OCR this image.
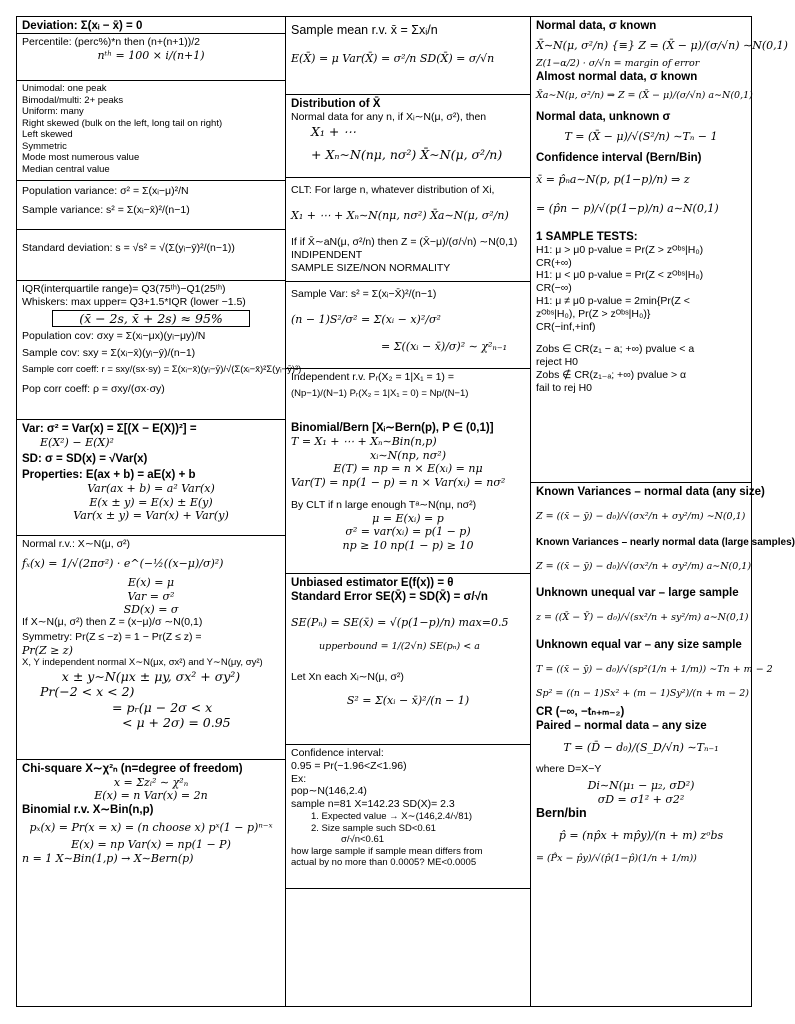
Deviation: Σ(xᵢ − x̄) = 0
Percentile: (perc%)*n then (n+(n+1))/2
nᵗʰ = 100 × i/(n+1)
Unimodal: one peak
Bimodal/multi: 2+ peaks
Uniform: many
Right skewed (bulk on the left, long tail on right)
Left skewed
Symmetric
Mode most numerous value
Median central value
Population variance: σ² = Σ(xᵢ−μ)²/N
Sample variance: s² = Σ(xᵢ−x̄)²/(n−1)
Standard deviation: s = √s² = √(Σ(yᵢ−ȳ)²/(n−1))
IQR(interquartile range)= Q3(75ᵗʰ)−Q1(25ᵗʰ)
Whiskers: max upper= Q3+1.5*IQR (lower −1.5)
(x̄ − 2s, x̄ + 2s) ≈ 95%
Population cov: σxy = Σ(xᵢ−μx)(yᵢ−μy)/N
Sample cov: sxy = Σ(xᵢ−x̄)(yᵢ−ȳ)/(n−1)
Sample corr coeff: r = sxy/(sx·sy) = Σ(xᵢ−x̄)(yᵢ−ȳ)/√(Σ(xᵢ−x̄)²Σ(yᵢ−ȳ)²)
Pop corr coeff: ρ = σxy/(σx·σy)
Var: σ² = Var(x) = Σ[(X − E(X))²] =
E(X²) − E(X)²
SD: σ = SD(x) = √Var(x)
Properties: E(ax + b) = aE(x) + b
Var(ax + b) = a² Var(x)
E(x ± y) = E(x) ± E(y)
Var(x ± y) = Var(x) + Var(y)
Normal r.v.: X∼N(μ, σ²)
fₓ(x) = 1/√(2πσ²) · e^(−½((x−μ)/σ)²)
E(x) = μ
Var = σ²
SD(x) = σ
If X∼N(μ, σ²) then Z = (x−μ)/σ ∼N(0,1)
Symmetry: Pr(Z ≤ −z) = 1 − Pr(Z ≤ z) =
Pr(Z ≥ z)
X, Y independent normal X∼N(μx, σx²) and Y∼N(μy, σy²)
x ± y∼N(μx ± μy, σx² + σy²)
Pr(−2 < x < 2)
= pᵣ(μ − 2σ < x
< μ + 2σ) = 0.95
Chi-square X∼χ²ₙ (n=degree of freedom)
x = Σzᵢ² ∼ χ²ₙ
E(x) = n Var(x) = 2n
Binomial r.v. X∼Bin(n,p)
pₓ(x) = Pr(x = x) = (n choose x) pˣ(1 − p)ⁿ⁻ˣ
E(x) = np Var(x) = np(1 − P)
n = 1 X∼Bin(1,p) → X∼Bern(p)
Sample mean r.v. x̄ = Σxᵢ/n
E(X̄) = μ Var(X̄) = σ²/n SD(X̄) = σ/√n
Distribution of X̄
Normal data for any n, if Xᵢ∼N(μ, σ²), then
X₁ + ⋯
+ Xₙ∼N(nμ, nσ²) X̄∼N(μ, σ²/n)
CLT: For large n, whatever distribution of Xi,
X₁ + ⋯ + Xₙ∼N(nμ, nσ²) X̄a∼N(μ, σ²/n)
If if X̄∼aN(μ, σ²/n) then Z = (X̄−μ)/(σ/√n) ∼N(0,1)
INDIPENDENT
SAMPLE SIZE/NON NORMALITY
Sample Var: s² = Σ(xᵢ−X̄)²/(n−1)
(n − 1)S²/σ² = Σ(xᵢ − x)²/σ²
= Σ((xᵢ − x̄)/σ)² ∼ χ²ₙ₋₁
Independent r.v. Pᵣ(X₂ = 1|X₁ = 1) =
(Np−1)/(N−1) Pᵣ(X₂ = 1|X₁ = 0) = Np/(N−1)
Binomial/Bern [Xᵢ∼Bern(p), P ∈ (0,1)]
T = X₁ + ⋯ + Xₙ∼Bin(n,p)
xᵢ∼N(np, nσ²)
E(T) = np = n × E(xᵢ) = nμ
Var(T) = np(1 − p) = n × Var(xᵢ) = nσ²
By CLT if n large enough Tᵃ∼N(nμ, nσ²)
μ = E(xᵢ) = p
σ² = var(xᵢ) = p(1 − p)
np ≥ 10 np(1 − p) ≥ 10
Unbiased estimator E(f(x)) = θ
Standard Error SE(X̄) = SD(X̄) = σ/√n
SE(Pₙ) = SE(x̄) = √(p(1−p)/n) max=0.5
upperbound = 1/(2√n) SE(pₙ) < a
Let Xn each Xᵢ∼N(μ, σ²)
S² = Σ(xᵢ − x̄)²/(n − 1)
Confidence interval:
0.95 = Pr(−1.96<Z<1.96)
Ex:
pop∼N(146,2.4)
sample n=81 X=142.23 SD(X)= 2.3
1. Expected value → X∼(146,2.4/√81)
2. Size sample such SD<0.61
σ/√n<0.61
how large sample if sample mean differs from
actual by no more than 0.0005? ME<0.0005
Normal data, σ known
X̄∼N(μ, σ²/n) {≡} Z = (X̄ − μ)/(σ/√n) ∼N(0,1)
Z(1−α/2) · σ/√n = margin of error
Almost normal data, σ known
X̄a∼N(μ, σ²/n) ⇒ Z = (X̄ − μ)/(σ/√n) a∼N(0,1)
Normal data, unknown σ
T = (X̄ − μ)/√(S²/n) ∼Tₙ − 1
Confidence interval (Bern/Bin)
x̄ = p̂ₙa∼N(p, p(1−p)/n) ⇒ z
= (p̂n − p)/√(p(1−p)/n) a∼N(0,1)
1 SAMPLE TESTS:
H1: μ > μ0 p-value = Pr(Z > zᴼᵇˢ|H₀)
CR(+∞)
H1: μ < μ0 p-value = Pr(Z < zᴼᵇˢ|H₀)
CR(−∞)
H1: μ ≠ μ0 p-value = 2min{Pr(Z <
zᴼᵇˢ|H₀), Pr(Z > zᴼᵇˢ|H₀)}
CR(−inf,+inf)
Zobs ∈ CR(z₁ − a; +∞) pvalue < a
reject H0
Zobs ∉ CR(z₁₋ₐ; +∞) pvalue > α
fail to rej H0
Known Variances – normal data (any size)
Z = ((x̄ − ȳ) − d₀)/√(σx²/n + σy²/m) ∼N(0,1)
Known Variances – nearly normal data (large samples)
Z = ((x̄ − ȳ) − d₀)/√(σx²/n + σy²/m) a∼N(0,1)
Unknown unequal var – large sample
z = ((X̄ − Ȳ) − d₀)/√(sx²/n + sy²/m) a∼N(0,1)
Unknown equal var – any size sample
T = ((x̄ − ȳ) − d₀)/√(sp²(1/n + 1/m)) ∼Tn + m − 2
Sp² = ((n − 1)Sx² + (m − 1)Sy²)/(n + m − 2)
CR (−∞, −tₙ₊ₘ₋₂)
Paired – normal data – any size
T = (D̄ − d₀)/(S_D/√n) ∼Tₙ₋₁
where D=X−Y
Di∼N(μ₁ − μ₂, σD²)
σD = σ1² + σ2²
Bern/bin
p̂ = (np̂x + mp̂y)/(n + m) zᵒbs
= (P̂x − p̂y)/√(p̂(1−p̂)(1/n + 1/m))
